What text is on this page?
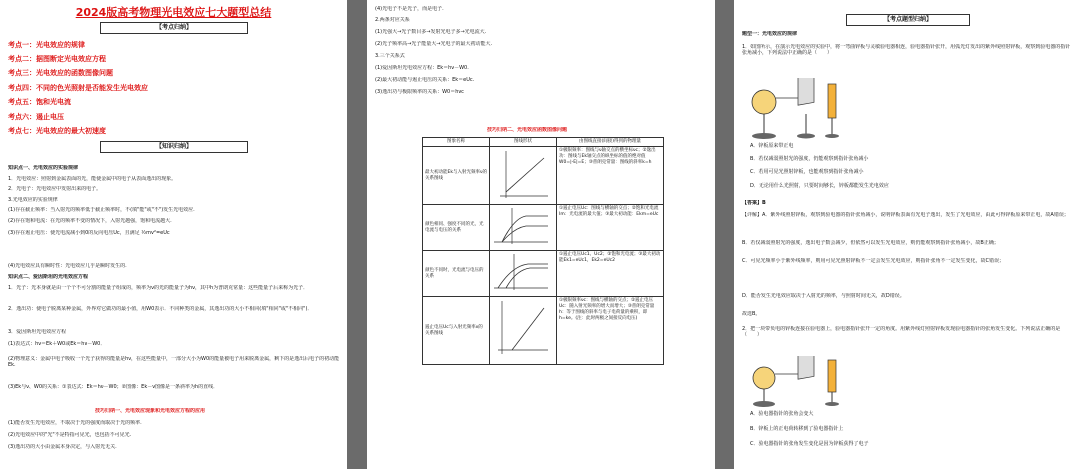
2024版高考物理光电效应七大题型总结
【考点归纳】
考点一：光电效应的规律
考点二：据图断定光电效应方程
考点三：光电效应的函数图像问题
考点四：不同的色光照射是否能发生光电效应
考点五：饱和光电流
考点六：遏止电压
考点七：光电效应的最大初速度
【知识归纳】
知识点一、光电效应的实验规律
1．光电效应：照射到金属表面的光，能使金属中的电子从表面逸出的现象。
2．光电子：光电效应中发射出来的电子。
3.光电效应的实验规律
(1)存在截止频率：当入射光的频率低于截止频率时，不(填"能"或"不")发生光电效应.
(2)存在饱和电流：在光的频率不变的情况下，入射光越强，饱和电流越大.
(3)存在遏止电压：使光电流减小到0的反向电压Uc，且满足 ½mv²=eUc
(4)光电效应具有瞬时性：光电效应几乎是瞬时发生的.
知识点二、爱因斯坦的光电效应方程
1．光子：光本身就是由一个个不可分割的能量子组成的，频率为ν的光的能量子为hν，其中h为普朗克常量：这些能量子后来称为光子．
2．逸出功：使电子脱离某种金属，外界对它做功的最小值，用W0表示．不同种类的金属，其逸出功的大小不相同(填"相同"或"不相同")．
3．爱因斯坦光电效应方程
(1)表达式：hν＝Ek＋W0或Ek＝hν－W0．
(2)物理意义：金属中电子吸收一个光子获得的能量是hν，在这些能量中，一部分大小为W0的能量被电子用来脱离金属，剩下的是逸出后电子的初动能Ek.
(3)Ek与ν、W0的关系：①表达式：Ek＝hν－W0；②图像：Ek－ν图像是一条斜率为h的直线．
技巧归纳一、光电效应现象和光电效应方程的应用
(1)能否发生光电效应，不取决于光的强度而取决于光的频率.
(2)光电效应中的"光"不是特指可见光，也包括不可见光.
(3)逸出功的大小由金属本身决定，与入射光无关.
(4)光电子不是光子，而是电子.
2.两条对应关系
(1)光强大→光子数目多→发射光电子多→光电流大.
(2)光子频率高→光子能量大→光电子的最大初动能大.
3.三个关系式
(1)爱因斯坦光电效应方程：Ek＝hν－W0.
(2)最大初动能与遏止电压的关系：Ek＝eUc.
(3)逸出功与极限频率的关系：W0＝hνc
技巧归纳二、光电效应函数图像问题
图象名称	图线形状	由图线直接(间接)得到的物理量
最大初动能Ek与入射光频率ν的关系图线		①极限频率：图线与ν轴交点的横坐标νc；②逸出功：图线与Ek轴交点的纵坐标的值的绝对值 W0=|-E|=E；③普朗克常量：图线的斜率k=h
颜色相同、强度不同的光，光电流与电压的关系		①遏止电压Uc：图线与横轴的交点；②饱和光电流Im：光电流的最大值；③最大初动能：Ekm=eUc
颜色不同时，光电流与电压的关系		①遏止电压Uc1、Uc2；②饱和光电流；③最大初动能Ek1=eUc1，Ek2=eUc2
遏止电压Uc与入射光频率ν的关系图线		①极限频率νc：图线与横轴的交点；②遏止电压Uc：随入射光频率的增大而增大；③普朗克常量h：等于图线的斜率与电子电荷量的乘积，即h=ke。(注：此时两极之间接反向电压)
【考点题型归纳】
题型一：光电效应的规律
1．如图所示，在演示光电效应的实验中，将一弯曲锌板与灵敏验电器相连，验电器指针张开，用弧光灯发出的紫外线照射锌板，观察到验电器的指针张角减小，下列说法中正确的是（　　）
A．锌板原来带正电
B．若仅减弱照射光的强度，仍能观察到指针张角减小
C．若用可见光照射锌板，也能观察到指针张角减小
D．无论用什么光照射，只要时间够长，锌板都能发生光电效应
【答案】B
【详解】A．紫外线照射锌板，观察到验电器的指针张角减小，说明锌板表面有光电子逸出，发生了光电效应，由此可得锌板原来带正电，故A错误；
B．若仅减弱照射光的强度，逸出电子数会减少，但依然可以发生光电效应，则仍能观察到指针张角减小，故B正确；
C．可见光频率小于紫外线频率，则用可见光照射锌板不一定会发生光电效应，则指针张角不一定发生变化，故C错误；
D．能否发生光电效应取决于入射光的频率，与照射时间无关，故D错误。
故选B。
2．把一块带负电的锌板连接在验电器上，验电器指针张开一定的角度。用紫外线灯照射锌板发现验电器指针的张角发生变化。下列说法正确的是（　　）
A．验电器指针的张角会变大
B．锌板上的正电荷转移到了验电器指针上
C．验电器指针的张角发生变化是因为锌板获得了电子
